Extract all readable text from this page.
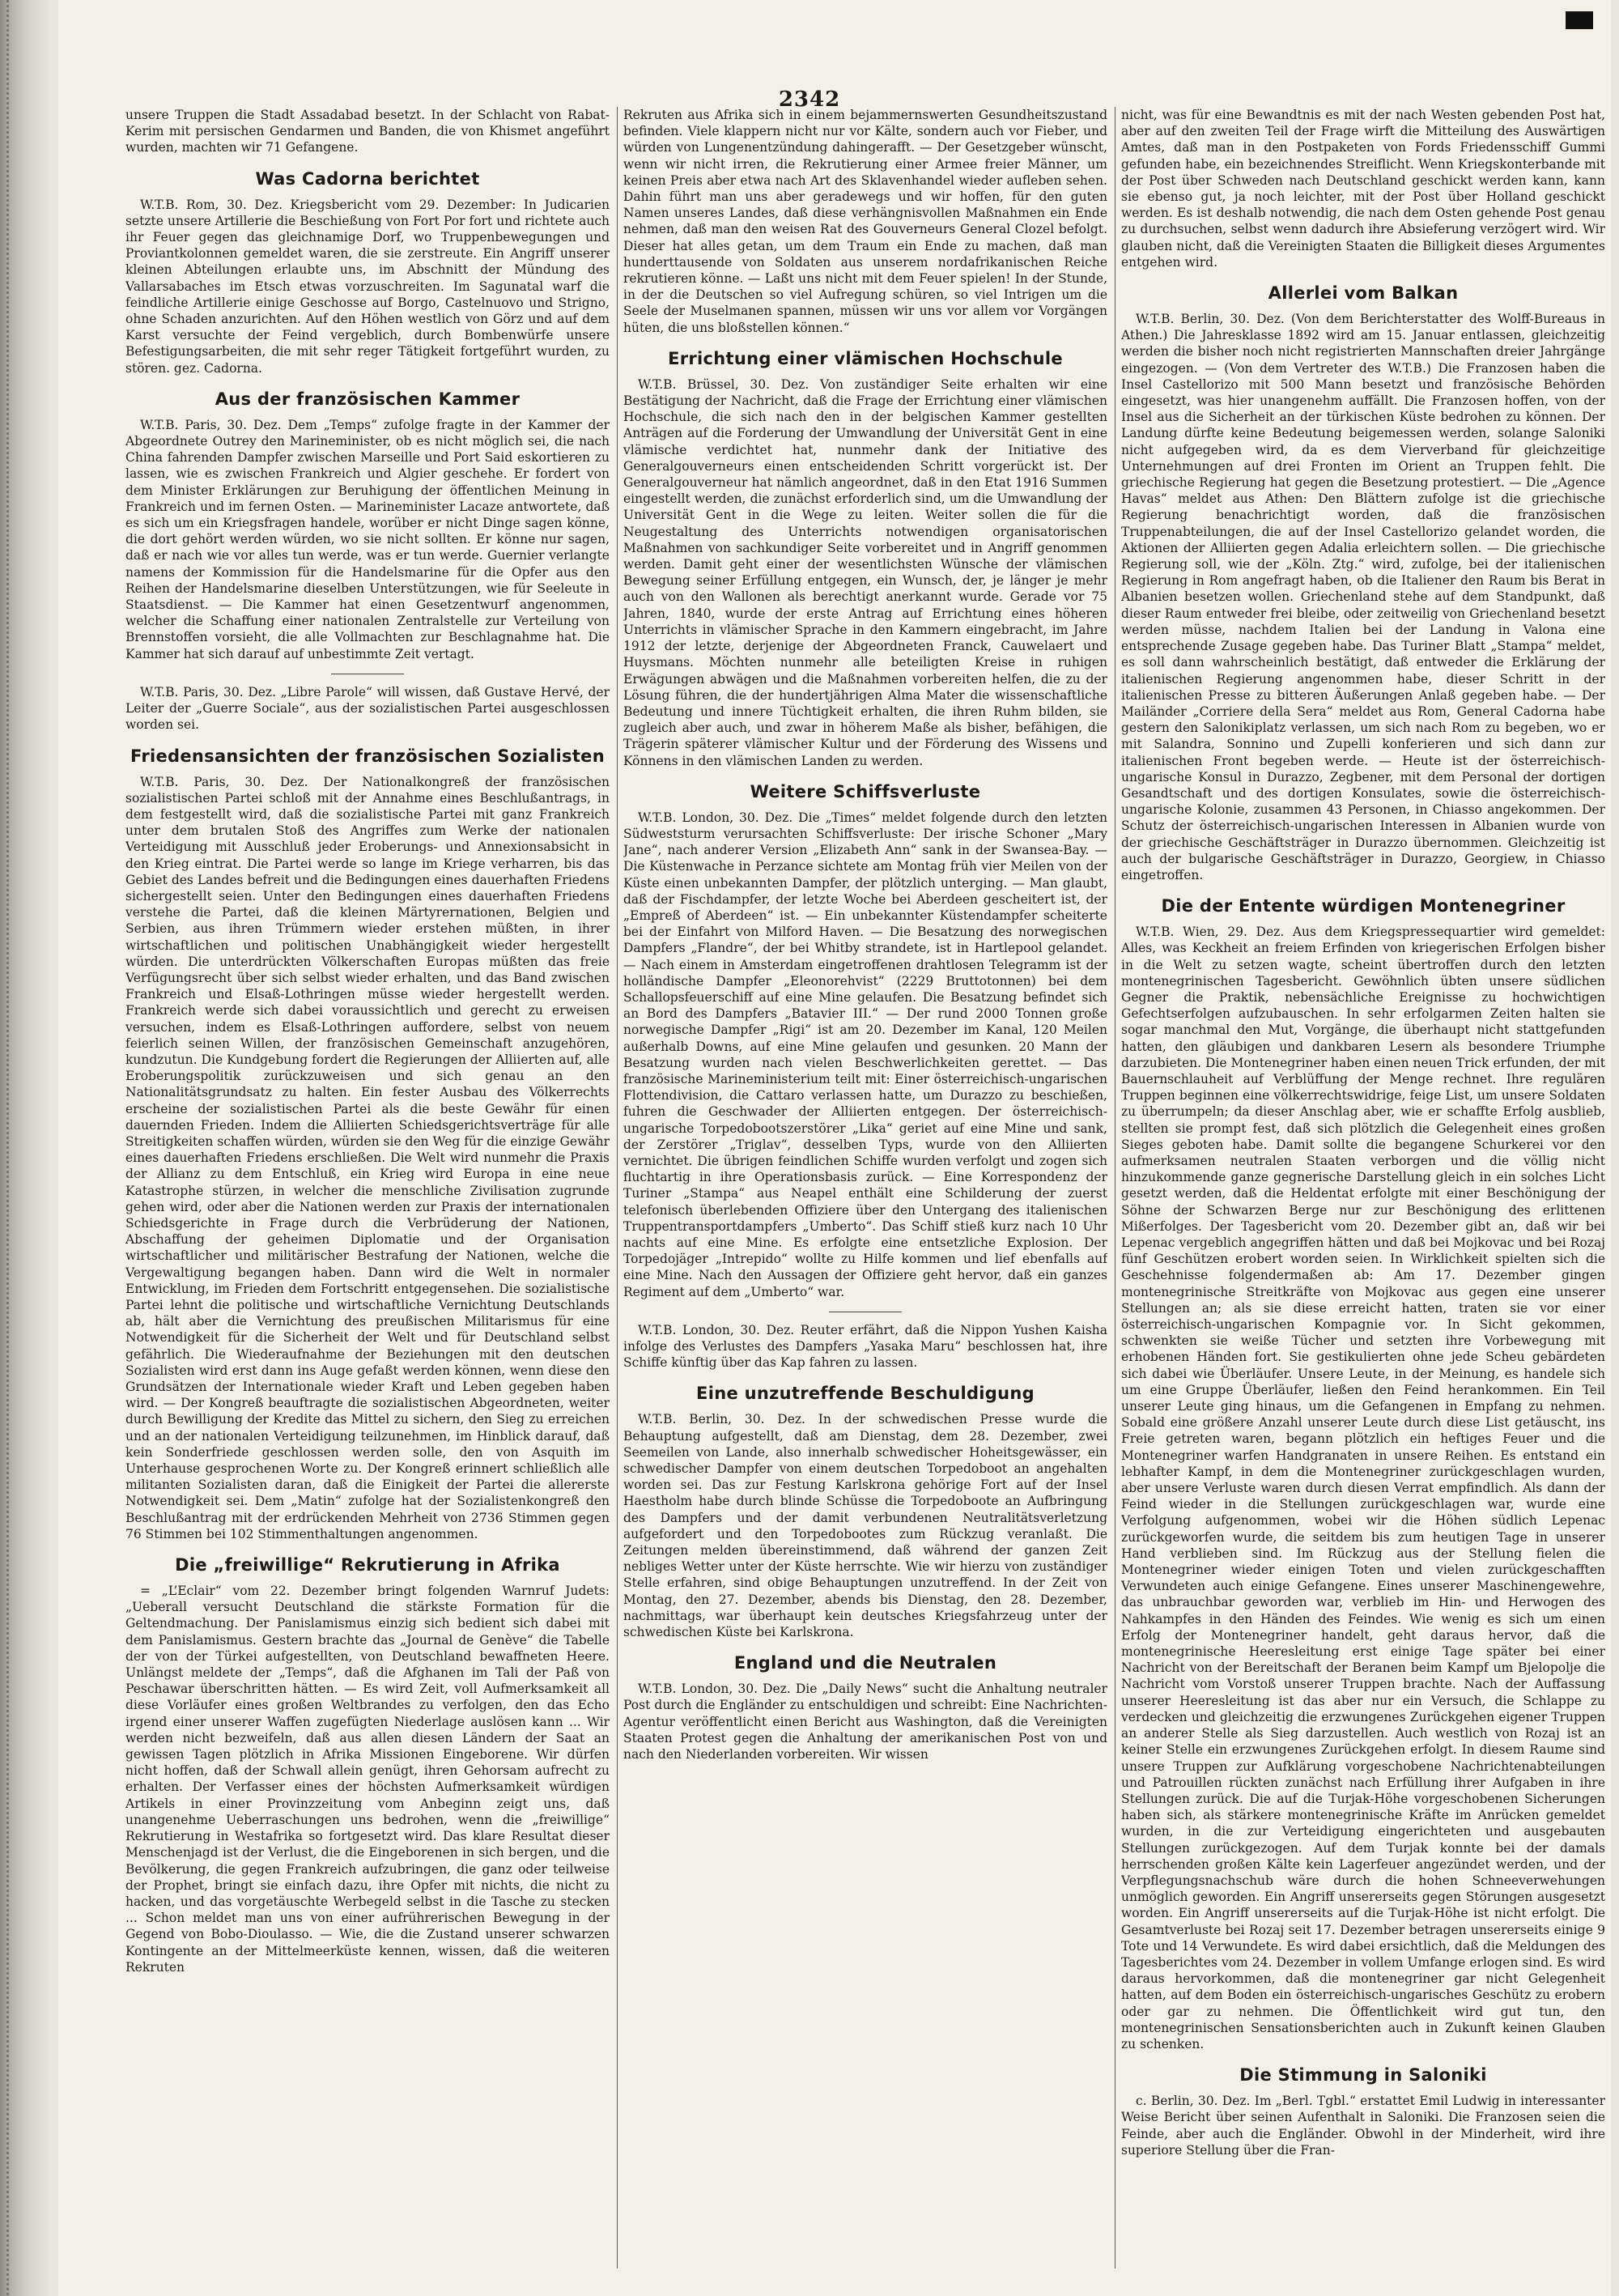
2342

unsere Truppen die Stadt Assadabad besetzt. In der Schlacht von Rabat-Kerim mit persischen Gendarmen und Banden, die von Khismet angeführt wurden, machten wir 71 Gefangene.

Was Cadorna berichtet

W.T.B. Rom, 30. Dez. Kriegsbericht vom 29. Dezember: In Judicarien setzte unsere Artillerie die Beschießung von Fort Por fort und richtete auch ihr Feuer gegen das gleichnamige Dorf, wo Truppenbewegungen und Proviantkolonnen gemeldet waren, die sie zerstreute. Ein Angriff unserer kleinen Abteilungen erlaubte uns, im Abschnitt der Mündung des Vallarsabaches im Etsch etwas vorzuschreiten. Im Sagunatal warf die feindliche Artillerie einige Geschosse auf Borgo, Castelnuovo und Strigno, ohne Schaden anzurichten. Auf den Höhen westlich von Görz und auf dem Karst versuchte der Feind vergeblich, durch Bombenwürfe unsere Befestigungsarbeiten, die mit sehr reger Tätigkeit fortgeführt wurden, zu stören. gez. Cadorna.

Aus der französischen Kammer

W.T.B. Paris, 30. Dez. Dem „Temps“ zufolge fragte in der Kammer der Abgeordnete Outrey den Marineminister, ob es nicht möglich sei, die nach China fahrenden Dampfer zwischen Marseille und Port Said eskortieren zu lassen, wie es zwischen Frankreich und Algier geschehe. Er fordert von dem Minister Erklärungen zur Beruhigung der öffentlichen Meinung in Frankreich und im fernen Osten. — Marineminister Lacaze antwortete, daß es sich um ein Kriegsfragen handele, worüber er nicht Dinge sagen könne, die dort gehört werden würden, wo sie nicht sollten. Er könne nur sagen, daß er nach wie vor alles tun werde, was er tun werde. Guernier verlangte namens der Kommission für die Handelsmarine für die Opfer aus den Reihen der Handelsmarine dieselben Unterstützungen, wie für Seeleute in Staatsdienst. — Die Kammer hat einen Gesetzentwurf angenommen, welcher die Schaffung einer nationalen Zentralstelle zur Verteilung von Brennstoffen vorsieht, die alle Vollmachten zur Beschlagnahme hat. Die Kammer hat sich darauf auf unbestimmte Zeit vertagt.

W.T.B. Paris, 30. Dez. „Libre Parole“ will wissen, daß Gustave Hervé, der Leiter der „Guerre Sociale“, aus der sozialistischen Partei ausgeschlossen worden sei.

Friedensansichten der französischen Sozialisten

W.T.B. Paris, 30. Dez. Der Nationalkongreß der französischen sozialistischen Partei schloß mit der Annahme eines Beschlußantrags, in dem festgestellt wird, daß die sozialistische Partei mit ganz Frankreich unter dem brutalen Stoß des Angriffes zum Werke der nationalen Verteidigung mit Ausschluß jeder Eroberungs- und Annexionsabsicht in den Krieg eintrat. Die Partei werde so lange im Kriege verharren, bis das Gebiet des Landes befreit und die Bedingungen eines dauerhaften Friedens sichergestellt seien. Unter den Bedingungen eines dauerhaften Friedens verstehe die Partei, daß die kleinen Märtyrernationen, Belgien und Serbien, aus ihren Trümmern wieder erstehen müßten, in ihrer wirtschaftlichen und politischen Unabhängigkeit wieder hergestellt würden. Die unterdrückten Völkerschaften Europas müßten das freie Verfügungsrecht über sich selbst wieder erhalten, und das Band zwischen Frankreich und Elsaß-Lothringen müsse wieder hergestellt werden. Frankreich werde sich dabei voraussichtlich und gerecht zu erweisen versuchen, indem es Elsaß-Lothringen auffordere, selbst von neuem feierlich seinen Willen, der französischen Gemeinschaft anzugehören, kundzutun. Die Kundgebung fordert die Regierungen der Alliierten auf, alle Eroberungspolitik zurückzuweisen und sich genau an den Nationalitätsgrundsatz zu halten. Ein fester Ausbau des Völkerrechts erscheine der sozialistischen Partei als die beste Gewähr für einen dauernden Frieden. Indem die Alliierten Schiedsgerichtsverträge für alle Streitigkeiten schaffen würden, würden sie den Weg für die einzige Gewähr eines dauerhaften Friedens erschließen. Die Welt wird nunmehr die Praxis der Allianz zu dem Entschluß, ein Krieg wird Europa in eine neue Katastrophe stürzen, in welcher die menschliche Zivilisation zugrunde gehen wird, oder aber die Nationen werden zur Praxis der internationalen Schiedsgerichte in Frage durch die Verbrüderung der Nationen, Abschaffung der geheimen Diplomatie und der Organisation wirtschaftlicher und militärischer Bestrafung der Nationen, welche die Vergewaltigung begangen haben. Dann wird die Welt in normaler Entwicklung, im Frieden dem Fortschritt entgegensehen. Die sozialistische Partei lehnt die politische und wirtschaftliche Vernichtung Deutschlands ab, hält aber die Vernichtung des preußischen Militarismus für eine Notwendigkeit für die Sicherheit der Welt und für Deutschland selbst gefährlich. Die Wiederaufnahme der Beziehungen mit den deutschen Sozialisten wird erst dann ins Auge gefaßt werden können, wenn diese den Grundsätzen der Internationale wieder Kraft und Leben gegeben haben wird. — Der Kongreß beauftragte die sozialistischen Abgeordneten, weiter durch Bewilligung der Kredite das Mittel zu sichern, den Sieg zu erreichen und an der nationalen Verteidigung teilzunehmen, im Hinblick darauf, daß kein Sonderfriede geschlossen werden solle, den von Asquith im Unterhause gesprochenen Worte zu. Der Kongreß erinnert schließlich alle militanten Sozialisten daran, daß die Einigkeit der Partei die allererste Notwendigkeit sei. Dem „Matin“ zufolge hat der Sozialistenkongreß den Beschlußantrag mit der erdrückenden Mehrheit von 2736 Stimmen gegen 76 Stimmen bei 102 Stimmenthaltungen angenommen.

Die „freiwillige“ Rekrutierung in Afrika

= „L’Eclair“ vom 22. Dezember bringt folgenden Warnruf Judets: „Ueberall versucht Deutschland die stärkste Formation für die Geltendmachung. Der Panislamismus einzig sich bedient sich dabei mit dem Panislamismus. Gestern brachte das „Journal de Genève“ die Tabelle der von der Türkei aufgestellten, von Deutschland bewaffneten Heere. Unlängst meldete der „Temps“, daß die Afghanen im Tali der Paß von Peschawar überschritten hätten. — Es wird Zeit, voll Aufmerksamkeit all diese Vorläufer eines großen Weltbrandes zu verfolgen, den das Echo irgend einer unserer Waffen zugefügten Niederlage auslösen kann ... Wir werden nicht bezweifeln, daß aus allen diesen Ländern der Saat an gewissen Tagen plötzlich in Afrika Missionen Eingeborene. Wir dürfen nicht hoffen, daß der Schwall allein genügt, ihren Gehorsam aufrecht zu erhalten. Der Verfasser eines der höchsten Aufmerksamkeit würdigen Artikels in einer Provinzzeitung vom Anbeginn zeigt uns, daß unangenehme Ueberraschungen uns bedrohen, wenn die „freiwillige“ Rekrutierung in Westafrika so fortgesetzt wird. Das klare Resultat dieser Menschenjagd ist der Verlust, die die Eingeborenen in sich bergen, und die Bevölkerung, die gegen Frankreich aufzubringen, die ganz oder teilweise der Prophet, bringt sie einfach dazu, ihre Opfer mit nichts, die nicht zu hacken, und das vorgetäuschte Werbegeld selbst in die Tasche zu stecken ... Schon meldet man uns von einer aufrührerischen Bewegung in der Gegend von Bobo-Dioulasso. — Wie, die die Zustand unserer schwarzen Kontingente an der Mittelmeerküste kennen, wissen, daß die weiteren Rekruten

Rekruten aus Afrika sich in einem bejammernswerten Gesundheitszustand befinden. Viele klappern nicht nur vor Kälte, sondern auch vor Fieber, und würden von Lungenentzündung dahingerafft. — Der Gesetzgeber wünscht, wenn wir nicht irren, die Rekrutierung einer Armee freier Männer, um keinen Preis aber etwa nach Art des Sklavenhandel wieder aufleben sehen. Dahin führt man uns aber geradewegs und wir hoffen, für den guten Namen unseres Landes, daß diese verhängnisvollen Maßnahmen ein Ende nehmen, daß man den weisen Rat des Gouverneurs General Clozel befolgt. Dieser hat alles getan, um dem Traum ein Ende zu machen, daß man hunderttausende von Soldaten aus unserem nordafrikanischen Reiche rekrutieren könne. — Laßt uns nicht mit dem Feuer spielen! In der Stunde, in der die Deutschen so viel Aufregung schüren, so viel Intrigen um die Seele der Muselmanen spannen, müssen wir uns vor allem vor Vorgängen hüten, die uns bloßstellen können.“

Errichtung einer vlämischen Hochschule

W.T.B. Brüssel, 30. Dez. Von zuständiger Seite erhalten wir eine Bestätigung der Nachricht, daß die Frage der Errichtung einer vlämischen Hochschule, die sich nach den in der belgischen Kammer gestellten Anträgen auf die Forderung der Umwandlung der Universität Gent in eine vlämische verdichtet hat, nunmehr dank der Initiative des Generalgouverneurs einen entscheidenden Schritt vorgerückt ist. Der Generalgouverneur hat nämlich angeordnet, daß in den Etat 1916 Summen eingestellt werden, die zunächst erforderlich sind, um die Umwandlung der Universität Gent in die Wege zu leiten. Weiter sollen die für die Neugestaltung des Unterrichts notwendigen organisatorischen Maßnahmen von sachkundiger Seite vorbereitet und in Angriff genommen werden. Damit geht einer der wesentlichsten Wünsche der vlämischen Bewegung seiner Erfüllung entgegen, ein Wunsch, der, je länger je mehr auch von den Wallonen als berechtigt anerkannt wurde. Gerade vor 75 Jahren, 1840, wurde der erste Antrag auf Errichtung eines höheren Unterrichts in vlämischer Sprache in den Kammern eingebracht, im Jahre 1912 der letzte, derjenige der Abgeordneten Franck, Cauwelaert und Huysmans. Möchten nunmehr alle beteiligten Kreise in ruhigen Erwägungen abwägen und die Maßnahmen vorbereiten helfen, die zu der Lösung führen, die der hundertjährigen Alma Mater die wissenschaftliche Bedeutung und innere Tüchtigkeit erhalten, die ihren Ruhm bilden, sie zugleich aber auch, und zwar in höherem Maße als bisher, befähigen, die Trägerin späterer vlämischer Kultur und der Förderung des Wissens und Könnens in den vlämischen Landen zu werden.

Weitere Schiffsverluste

W.T.B. London, 30. Dez. Die „Times“ meldet folgende durch den letzten Südweststurm verursachten Schiffsverluste: Der irische Schoner „Mary Jane“, nach anderer Version „Elizabeth Ann“ sank in der Swansea-Bay. — Die Küstenwache in Perzance sichtete am Montag früh vier Meilen von der Küste einen unbekannten Dampfer, der plötzlich unterging. — Man glaubt, daß der Fischdampfer, der letzte Woche bei Aberdeen gescheitert ist, der „Empreß of Aberdeen“ ist. — Ein unbekannter Küstendampfer scheiterte bei der Einfahrt von Milford Haven. — Die Besatzung des norwegischen Dampfers „Flandre“, der bei Whitby strandete, ist in Hartlepool gelandet. — Nach einem in Amsterdam eingetroffenen drahtlosen Telegramm ist der holländische Dampfer „Eleonorehvist“ (2229 Bruttotonnen) bei dem Schallopsfeuerschiff auf eine Mine gelaufen. Die Besatzung befindet sich an Bord des Dampfers „Batavier III.“ — Der rund 2000 Tonnen große norwegische Dampfer „Rigi“ ist am 20. Dezember im Kanal, 120 Meilen außerhalb Downs, auf eine Mine gelaufen und gesunken. 20 Mann der Besatzung wurden nach vielen Beschwerlichkeiten gerettet. — Das französische Marineministerium teilt mit: Einer österreichisch-ungarischen Flottendivision, die Cattaro verlassen hatte, um Durazzo zu beschießen, fuhren die Geschwader der Alliierten entgegen. Der österreichisch-ungarische Torpedobootszerstörer „Lika“ geriet auf eine Mine und sank, der Zerstörer „Triglav“, desselben Typs, wurde von den Alliierten vernichtet. Die übrigen feindlichen Schiffe wurden verfolgt und zogen sich fluchtartig in ihre Operationsbasis zurück. — Eine Korrespondenz der Turiner „Stampa“ aus Neapel enthält eine Schilderung der zuerst telefonisch überlebenden Offiziere über den Untergang des italienischen Truppentransportdampfers „Umberto“. Das Schiff stieß kurz nach 10 Uhr nachts auf eine Mine. Es erfolgte eine entsetzliche Explosion. Der Torpedojäger „Intrepido“ wollte zu Hilfe kommen und lief ebenfalls auf eine Mine. Nach den Aussagen der Offiziere geht hervor, daß ein ganzes Regiment auf dem „Umberto“ war.

W.T.B. London, 30. Dez. Reuter erfährt, daß die Nippon Yushen Kaisha infolge des Verlustes des Dampfers „Yasaka Maru“ beschlossen hat, ihre Schiffe künftig über das Kap fahren zu lassen.

Eine unzutreffende Beschuldigung

W.T.B. Berlin, 30. Dez. In der schwedischen Presse wurde die Behauptung aufgestellt, daß am Dienstag, dem 28. Dezember, zwei Seemeilen von Lande, also innerhalb schwedischer Hoheitsgewässer, ein schwedischer Dampfer von einem deutschen Torpedoboot an angehalten worden sei. Das zur Festung Karlskrona gehörige Fort auf der Insel Haestholm habe durch blinde Schüsse die Torpedoboote an Aufbringung des Dampfers und der damit verbundenen Neutralitätsverletzung aufgefordert und den Torpedobootes zum Rückzug veranlaßt. Die Zeitungen melden übereinstimmend, daß während der ganzen Zeit nebliges Wetter unter der Küste herrschte. Wie wir hierzu von zuständiger Stelle erfahren, sind obige Behauptungen unzutreffend. In der Zeit von Montag, den 27. Dezember, abends bis Dienstag, den 28. Dezember, nachmittags, war überhaupt kein deutsches Kriegsfahrzeug unter der schwedischen Küste bei Karlskrona.

England und die Neutralen

W.T.B. London, 30. Dez. Die „Daily News“ sucht die Anhaltung neutraler Post durch die Engländer zu entschuldigen und schreibt: Eine Nachrichten-Agentur veröffentlicht einen Bericht aus Washington, daß die Vereinigten Staaten Protest gegen die Anhaltung der amerikanischen Post von und nach den Niederlanden vorbereiten. Wir wissen

nicht, was für eine Bewandtnis es mit der nach Westen gebenden Post hat, aber auf den zweiten Teil der Frage wirft die Mitteilung des Auswärtigen Amtes, daß man in den Postpaketen von Fords Friedensschiff Gummi gefunden habe, ein bezeichnendes Streiflicht. Wenn Kriegskonterbande mit der Post über Schweden nach Deutschland geschickt werden kann, kann sie ebenso gut, ja noch leichter, mit der Post über Holland geschickt werden. Es ist deshalb notwendig, die nach dem Osten gehende Post genau zu durchsuchen, selbst wenn dadurch ihre Absieferung verzögert wird. Wir glauben nicht, daß die Vereinigten Staaten die Billigkeit dieses Argumentes entgehen wird.

Allerlei vom Balkan

W.T.B. Berlin, 30. Dez. (Von dem Berichterstatter des Wolff-Bureaus in Athen.) Die Jahresklasse 1892 wird am 15. Januar entlassen, gleichzeitig werden die bisher noch nicht registrierten Mannschaften dreier Jahrgänge eingezogen. — (Von dem Vertreter des W.T.B.) Die Franzosen haben die Insel Castellorizo mit 500 Mann besetzt und französische Behörden eingesetzt, was hier unangenehm auffällt. Die Franzosen hoffen, von der Insel aus die Sicherheit an der türkischen Küste bedrohen zu können. Der Landung dürfte keine Bedeutung beigemessen werden, solange Saloniki nicht aufgegeben wird, da es dem Vierverband für gleichzeitige Unternehmungen auf drei Fronten im Orient an Truppen fehlt. Die griechische Regierung hat gegen die Besetzung protestiert. — Die „Agence Havas“ meldet aus Athen: Den Blättern zufolge ist die griechische Regierung benachrichtigt worden, daß die französischen Truppenabteilungen, die auf der Insel Castellorizo gelandet worden, die Aktionen der Alliierten gegen Adalia erleichtern sollen. — Die griechische Regierung soll, wie der „Köln. Ztg.“ wird, zufolge, bei der italienischen Regierung in Rom angefragt haben, ob die Italiener den Raum bis Berat in Albanien besetzen wollen. Griechenland stehe auf dem Standpunkt, daß dieser Raum entweder frei bleibe, oder zeitweilig von Griechenland besetzt werden müsse, nachdem Italien bei der Landung in Valona eine entsprechende Zusage gegeben habe. Das Turiner Blatt „Stampa“ meldet, es soll dann wahrscheinlich bestätigt, daß entweder die Erklärung der italienischen Regierung angenommen habe, dieser Schritt in der italienischen Presse zu bitteren Äußerungen Anlaß gegeben habe. — Der Mailänder „Corriere della Sera“ meldet aus Rom, General Cadorna habe gestern den Salonikiplatz verlassen, um sich nach Rom zu begeben, wo er mit Salandra, Sonnino und Zupelli konferieren und sich dann zur italienischen Front begeben werde. — Heute ist der österreichisch-ungarische Konsul in Durazzo, Zegbener, mit dem Personal der dortigen Gesandtschaft und des dortigen Konsulates, sowie die österreichisch-ungarische Kolonie, zusammen 43 Personen, in Chiasso angekommen. Der Schutz der österreichisch-ungarischen Interessen in Albanien wurde von der griechische Geschäftsträger in Durazzo übernommen. Gleichzeitig ist auch der bulgarische Geschäftsträger in Durazzo, Georgiew, in Chiasso eingetroffen.

Die der Entente würdigen Montenegriner

W.T.B. Wien, 29. Dez. Aus dem Kriegspressequartier wird gemeldet: Alles, was Keckheit an freiem Erfinden von kriegerischen Erfolgen bisher in die Welt zu setzen wagte, scheint übertroffen durch den letzten montenegrinischen Tagesbericht. Gewöhnlich übten unsere südlichen Gegner die Praktik, nebensächliche Ereignisse zu hochwichtigen Gefechtserfolgen aufzubauschen. In sehr erfolgarmen Zeiten halten sie sogar manchmal den Mut, Vorgänge, die überhaupt nicht stattgefunden hatten, den gläubigen und dankbaren Lesern als besondere Triumphe darzubieten. Die Montenegriner haben einen neuen Trick erfunden, der mit Bauernschlauheit auf Verblüffung der Menge rechnet. Ihre regulären Truppen beginnen eine völkerrechtswidrige, feige List, um unsere Soldaten zu überrumpeln; da dieser Anschlag aber, wie er schaffte Erfolg ausblieb, stellten sie prompt fest, daß sich plötzlich die Gelegenheit eines großen Sieges geboten habe. Damit sollte die begangene Schurkerei vor den aufmerksamen neutralen Staaten verborgen und die völlig nicht hinzukommende ganze gegnerische Darstellung gleich in ein solches Licht gesetzt werden, daß die Heldentat erfolgte mit einer Beschönigung der Söhne der Schwarzen Berge nur zur Beschönigung des erlittenen Mißerfolges. Der Tagesbericht vom 20. Dezember gibt an, daß wir bei Lepenac vergeblich angegriffen hätten und daß bei Mojkovac und bei Rozaj fünf Geschützen erobert worden seien. In Wirklichkeit spielten sich die Geschehnisse folgendermaßen ab: Am 17. Dezember gingen montenegrinische Streitkräfte von Mojkovac aus gegen eine unserer Stellungen an; als sie diese erreicht hatten, traten sie vor einer österreichisch-ungarischen Kompagnie vor. In Sicht gekommen, schwenkten sie weiße Tücher und setzten ihre Vorbewegung mit erhobenen Händen fort. Sie gestikulierten ohne jede Scheu gebärdeten sich dabei wie Überläufer. Unsere Leute, in der Meinung, es handele sich um eine Gruppe Überläufer, ließen den Feind herankommen. Ein Teil unserer Leute ging hinaus, um die Gefangenen in Empfang zu nehmen. Sobald eine größere Anzahl unserer Leute durch diese List getäuscht, ins Freie getreten waren, begann plötzlich ein heftiges Feuer und die Montenegriner warfen Handgranaten in unsere Reihen. Es entstand ein lebhafter Kampf, in dem die Montenegriner zurückgeschlagen wurden, aber unsere Verluste waren durch diesen Verrat empfindlich. Als dann der Feind wieder in die Stellungen zurückgeschlagen war, wurde eine Verfolgung aufgenommen, wobei wir die Höhen südlich Lepenac zurückgeworfen wurde, die seitdem bis zum heutigen Tage in unserer Hand verblieben sind. Im Rückzug aus der Stellung fielen die Montenegriner wieder einigen Toten und vielen zurückgeschafften Verwundeten auch einige Gefangene. Eines unserer Maschinengewehre, das unbrauchbar geworden war, verblieb im Hin- und Herwogen des Nahkampfes in den Händen des Feindes. Wie wenig es sich um einen Erfolg der Montenegriner handelt, geht daraus hervor, daß die montenegrinische Heeresleitung erst einige Tage später bei einer Nachricht von der Bereitschaft der Beranen beim Kampf um Bjelopolje die Nachricht vom Vorstoß unserer Truppen brachte. Nach der Auffassung unserer Heeresleitung ist das aber nur ein Versuch, die Schlappe zu verdecken und gleichzeitig die erzwungenes Zurückgehen eigener Truppen an anderer Stelle als Sieg darzustellen. Auch westlich von Rozaj ist an keiner Stelle ein erzwungenes Zurückgehen erfolgt. In diesem Raume sind unsere Truppen zur Aufklärung vorgeschobene Nachrichtenabteilungen und Patrouillen rückten zunächst nach Erfüllung ihrer Aufgaben in ihre Stellungen zurück. Die auf die Turjak-Höhe vorgeschobenen Sicherungen haben sich, als stärkere montenegrinische Kräfte im Anrücken gemeldet wurden, in die zur Verteidigung eingerichteten und ausgebauten Stellungen zurückgezogen. Auf dem Turjak konnte bei der damals herrschenden großen Kälte kein Lagerfeuer angezündet werden, und der Verpflegungsnachschub wäre durch die hohen Schneeverwehungen unmöglich geworden. Ein Angriff unsererseits gegen Störungen ausgesetzt worden. Ein Angriff unsererseits auf die Turjak-Höhe ist nicht erfolgt. Die Gesamtverluste bei Rozaj seit 17. Dezember betragen unsererseits einige 9 Tote und 14 Verwundete. Es wird dabei ersichtlich, daß die Meldungen des Tagesberichtes vom 24. Dezember in vollem Umfange erlogen sind. Es wird daraus hervorkommen, daß die montenegriner gar nicht Gelegenheit hatten, auf dem Boden ein österreichisch-ungarisches Geschütz zu erobern oder gar zu nehmen. Die Öffentlichkeit wird gut tun, den montenegrinischen Sensationsberichten auch in Zukunft keinen Glauben zu schenken.

Die Stimmung in Saloniki

c. Berlin, 30. Dez. Im „Berl. Tgbl.“ erstattet Emil Ludwig in interessanter Weise Bericht über seinen Aufenthalt in Saloniki. Die Franzosen seien die Feinde, aber auch die Engländer. Obwohl in der Minderheit, wird ihre superiore Stellung über die Fran-
